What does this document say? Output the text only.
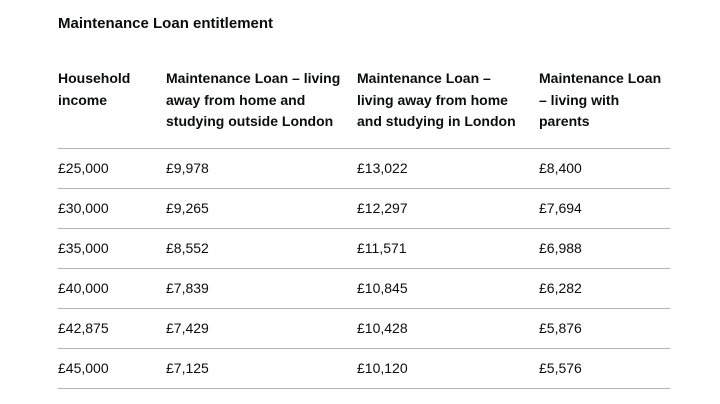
Maintenance Loan entitlement
Household income	Maintenance Loan – living away from home and studying outside London	Maintenance Loan – living away from home and studying in London	Maintenance Loan – living with parents
£25,000	£9,978	£13,022	£8,400
£30,000	£9,265	£12,297	£7,694
£35,000	£8,552	£11,571	£6,988
£40,000	£7,839	£10,845	£6,282
£42,875	£7,429	£10,428	£5,876
£45,000	£7,125	£10,120	£5,576
